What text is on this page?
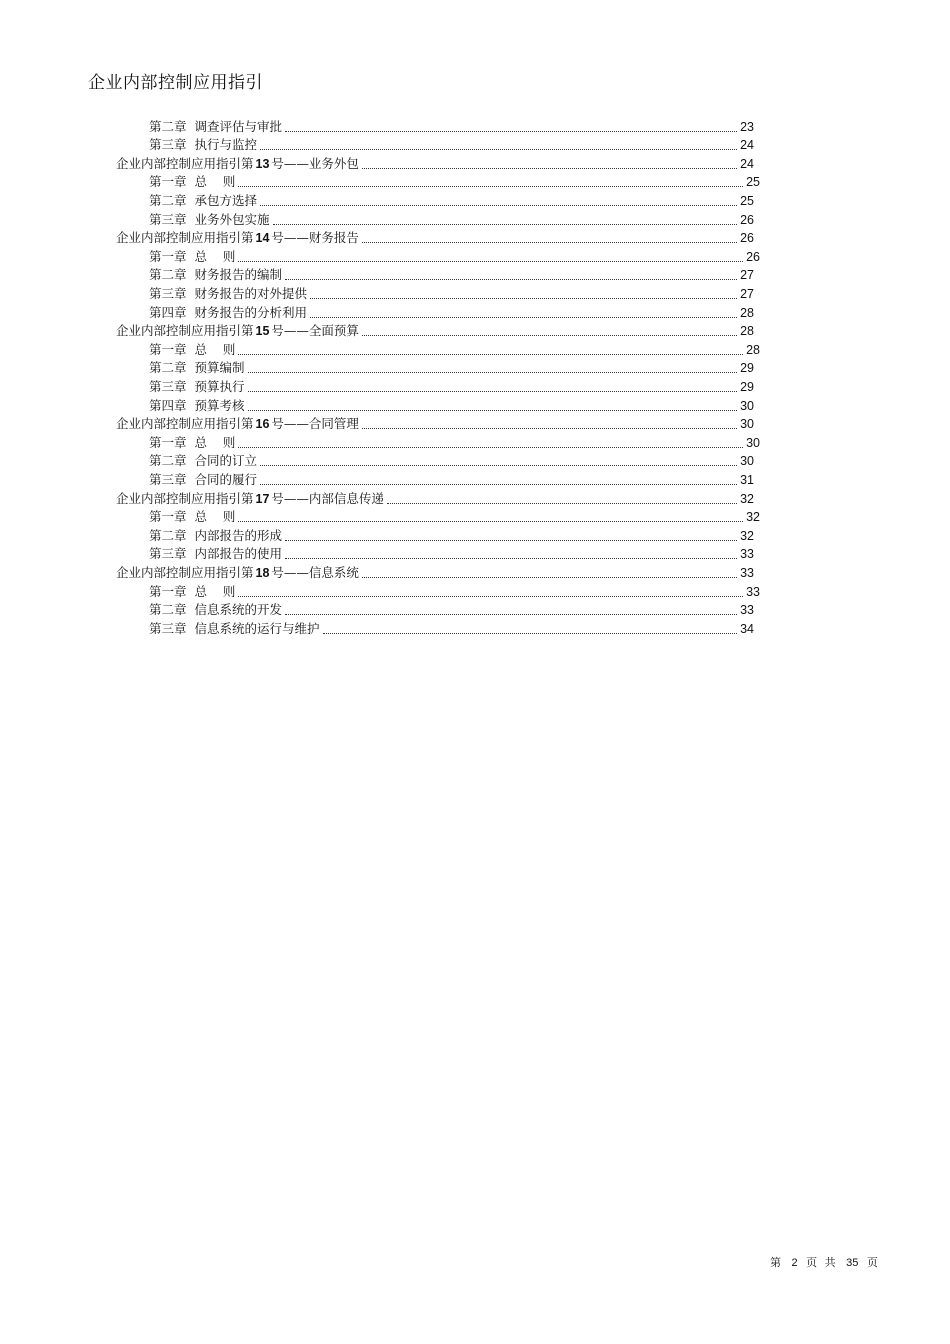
企业内部控制应用指引
第二章 调查评估与审批	23
第三章 执行与监控	24
企业内部控制应用指引第 13 号——业务外包	24
第一章 总    则	25
第二章 承包方选择	25
第三章 业务外包实施	26
企业内部控制应用指引第 14 号——财务报告	26
第一章 总    则	26
第二章 财务报告的编制	27
第三章 财务报告的对外提供	27
第四章 财务报告的分析利用	28
企业内部控制应用指引第 15 号——全面预算	28
第一章 总    则	28
第二章 预算编制	29
第三章 预算执行	29
第四章 预算考核	30
企业内部控制应用指引第 16 号——合同管理	30
第一章 总    则	30
第二章 合同的订立	30
第三章 合同的履行	31
企业内部控制应用指引第 17 号——内部信息传递	32
第一章 总    则	32
第二章 内部报告的形成	32
第三章 内部报告的使用	33
企业内部控制应用指引第 18 号——信息系统	33
第一章 总    则	33
第二章 信息系统的开发	33
第三章 信息系统的运行与维护	34
第 2 页 共 35 页
